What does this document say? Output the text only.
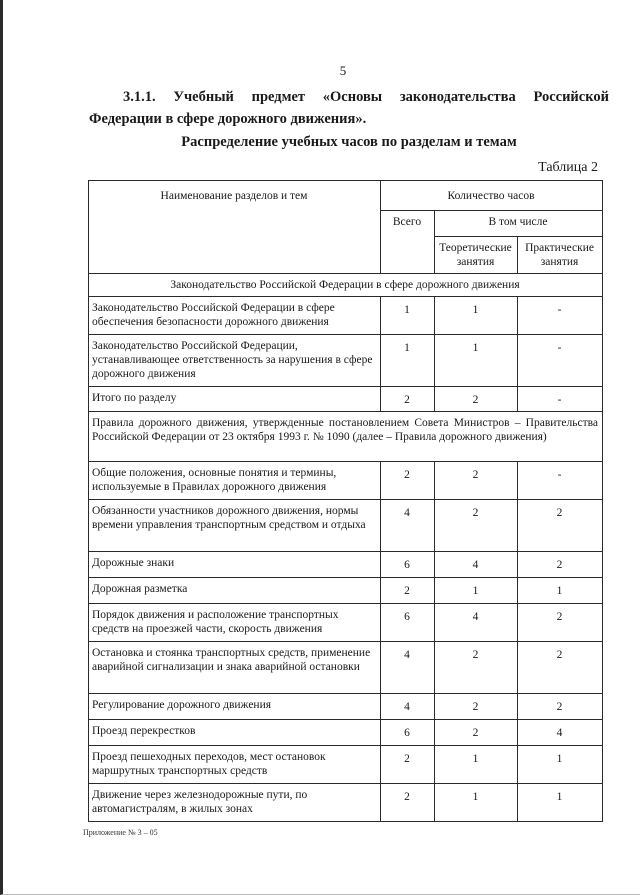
5
3.1.1. Учебный предмет «Основы законодательства Российской Федерации в сфере дорожного движения».
Распределение учебных часов по разделам и темам
Таблица 2
Наименование разделов и тем	Количество часов		
	Всего	В том числе	
		Теоретические занятия	Практические занятия
Законодательство Российской Федерации в сфере дорожного движения			
Законодательство Российской Федерации в сфере обеспечения безопасности дорожного движения	1	1	-
Законодательство Российской Федерации, устанавливающее ответственность за нарушения в сфере дорожного движения	1	1	-
Итого по разделу	2	2	-
Правила дорожного движения, утвержденные постановлением Совета Министров – Правительства Российской Федерации от 23 октября 1993 г. № 1090 (далее – Правила дорожного движения)			
Общие положения, основные понятия и термины, используемые в Правилах дорожного движения	2	2	-
Обязанности участников дорожного движения, нормы времени управления транспортным средством и отдыха	4	2	2
Дорожные знаки	6	4	2
Дорожная разметка	2	1	1
Порядок движения и расположение транспортных средств на проезжей части, скорость движения	6	4	2
Остановка и стоянка транспортных средств, применение аварийной сигнализации и знака аварийной остановки	4	2	2
Регулирование дорожного движения	4	2	2
Проезд перекрестков	6	2	4
Проезд пешеходных переходов, мест остановок маршрутных транспортных средств	2	1	1
Движение через железнодорожные пути, по автомагистралям, в жилых зонах	2	1	1
Приложение № 3 – 05
